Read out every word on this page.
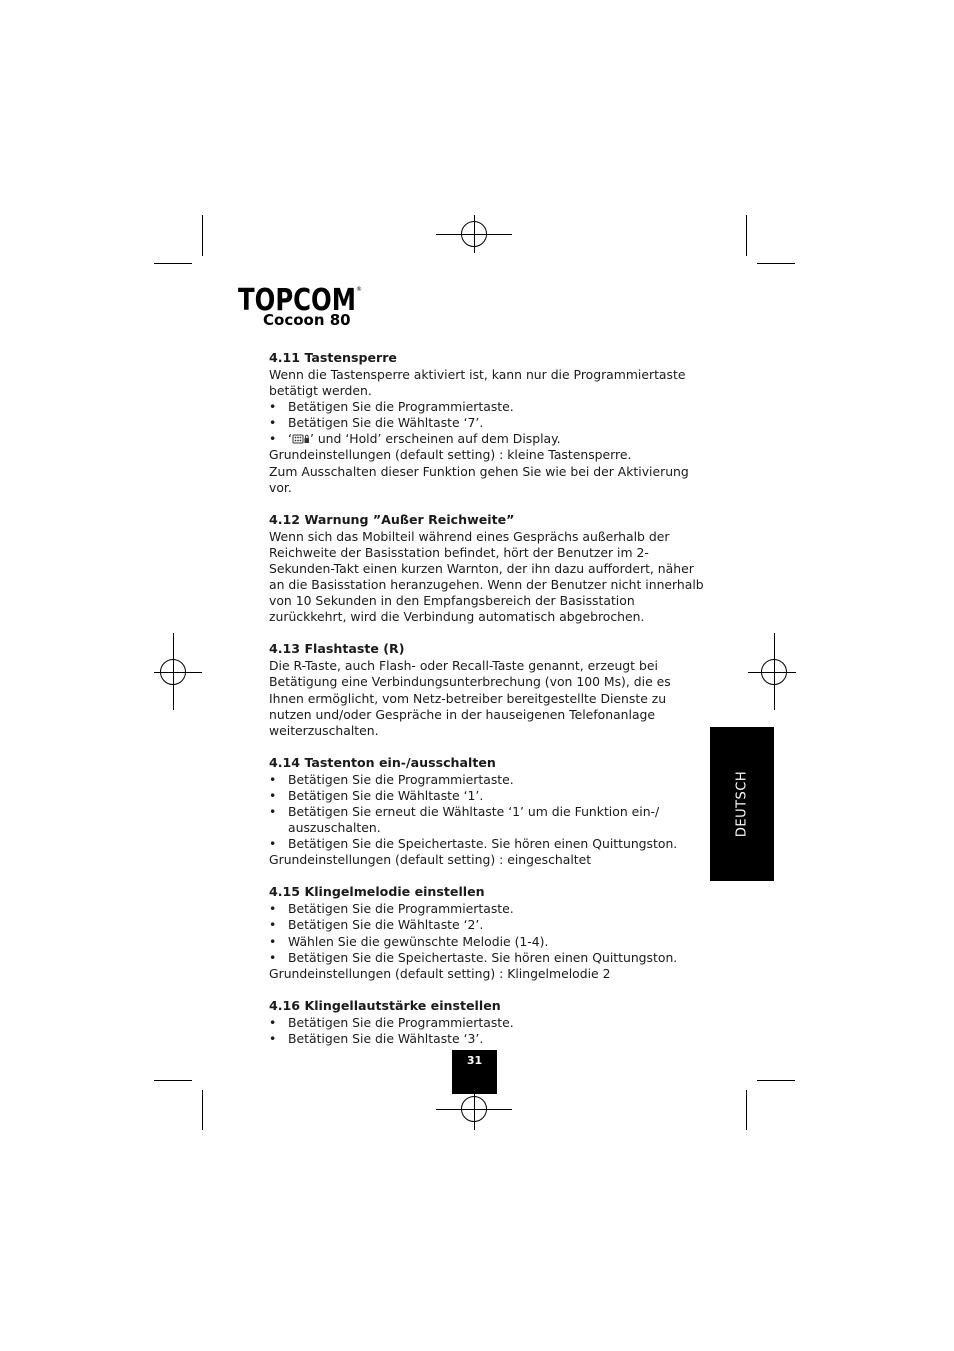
TOPCOM ®
Cocoon 80
4.11 Tastensperre

Wenn die Tastensperre aktiviert ist, kann nur die Programmiertaste betätigt werden.

• Betätigen Sie die Programmiertaste.
• Betätigen Sie die Wähltaste ‘7’.
• ‘ ’ und ‘Hold’ erscheinen auf dem Display.

Grundeinstellungen (default setting) : kleine Tastensperre.

Zum Ausschalten dieser Funktion gehen Sie wie bei der Aktivierung vor.

4.12 Warnung ”Außer Reichweite”

Wenn sich das Mobilteil während eines Gesprächs außerhalb der Reichweite der Basisstation befindet, hört der Benutzer im 2-Sekunden-Takt einen kurzen Warnton, der ihn dazu auffordert, näher an die Basisstation heranzugehen. Wenn der Benutzer nicht innerhalb von 10 Sekunden in den Empfangsbereich der Basisstation zurückkehrt, wird die Verbindung automatisch abgebrochen.

4.13 Flashtaste (R)

Die R-Taste, auch Flash- oder Recall-Taste genannt, erzeugt bei Betätigung eine Verbindungsunterbrechung (von 100 Ms), die es Ihnen ermöglicht, vom Netz-betreiber bereitgestellte Dienste zu nutzen und/oder Gespräche in der hauseigenen Telefonanlage weiterzuschalten.

4.14 Tastenton ein-/ausschalten
• Betätigen Sie die Programmiertaste.
• Betätigen Sie die Wähltaste ‘1’.
• Betätigen Sie erneut die Wähltaste ‘1’ um die Funktion ein-/ auszuschalten.
• Betätigen Sie die Speichertaste. Sie hören einen Quittungston.

Grundeinstellungen (default setting) : eingeschaltet

4.15 Klingelmelodie einstellen
• Betätigen Sie die Programmiertaste.
• Betätigen Sie die Wähltaste ‘2’.
• Wählen Sie die gewünschte Melodie (1-4).
• Betätigen Sie die Speichertaste. Sie hören einen Quittungston.

Grundeinstellungen (default setting) : Klingelmelodie 2

4.16 Klingellautstärke einstellen
• Betätigen Sie die Programmiertaste.
• Betätigen Sie die Wähltaste ‘3’.
DEUTSCH
31
